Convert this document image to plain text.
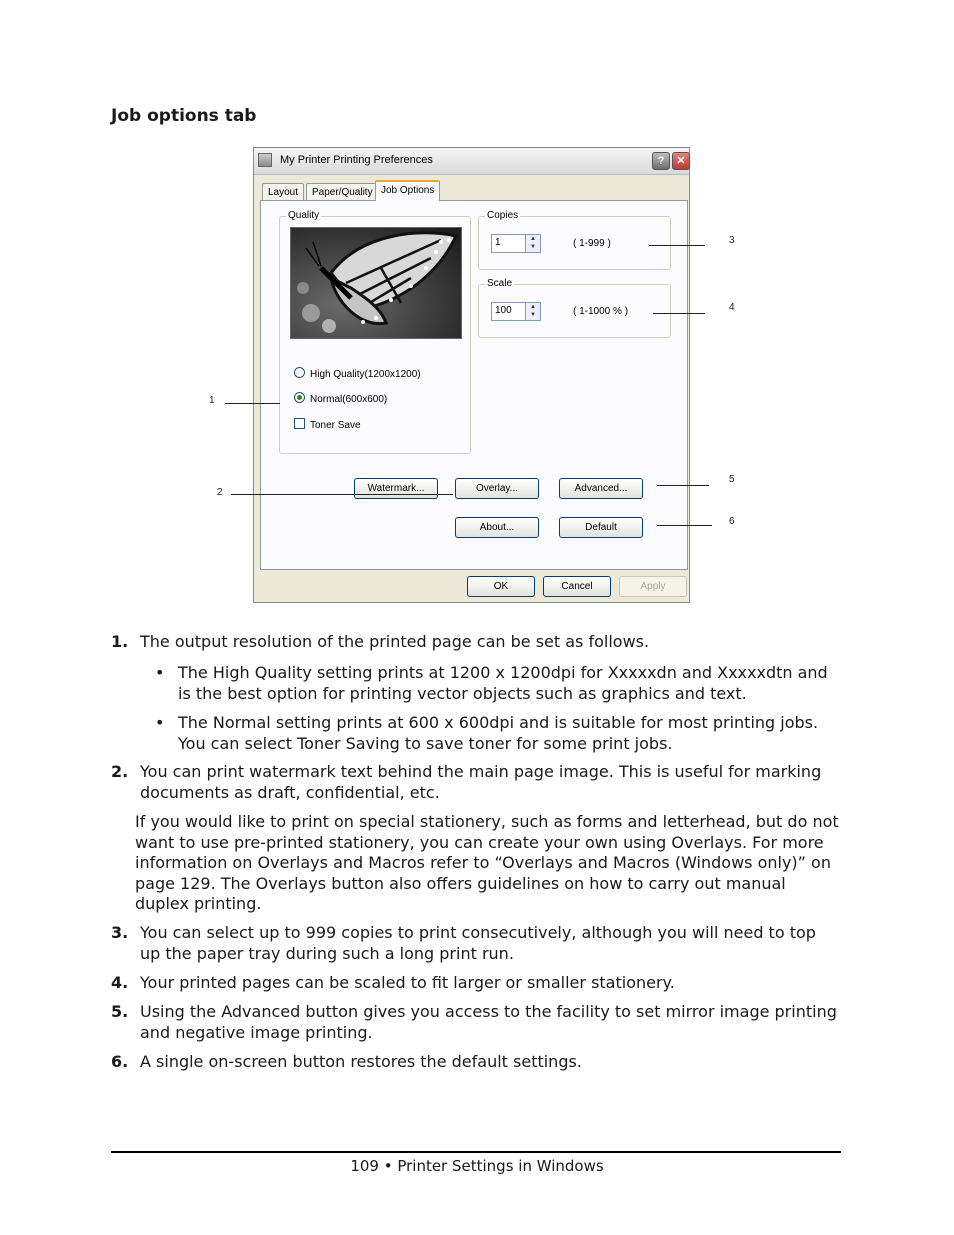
Job options tab
My Printer Printing Preferences	?	✕
Layout	Paper/Quality Job Options
Quality
High Quality(1200x1200)
Normal(600x600)
Toner Save
Copies
1	▲
▼	( 1-999 )
Scale
100	▲
▼	( 1-1000 % )
Watermark...	Overlay...	Advanced...
About...	Default
OK	Cancel	Apply
1
2
3
4
5
6
1. The output resolution of the printed page can be set as follows.
• The High Quality setting prints at 1200 x 1200dpi for Xxxxxdn and Xxxxxdtn and is the best option for printing vector objects such as graphics and text.
• The Normal setting prints at 600 x 600dpi and is suitable for most printing jobs. You can select Toner Saving to save toner for some print jobs.
2. You can print watermark text behind the main page image. This is useful for marking documents as draft, confidential, etc.
If you would like to print on special stationery, such as forms and letterhead, but do not want to use pre-printed stationery, you can create your own using Overlays. For more information on Overlays and Macros refer to “Overlays and Macros (Windows only)” on page 129. The Overlays button also offers guidelines on how to carry out manual duplex printing.
3. You can select up to 999 copies to print consecutively, although you will need to top up the paper tray during such a long print run.
4. Your printed pages can be scaled to fit larger or smaller stationery.
5. Using the Advanced button gives you access to the facility to set mirror image printing and negative image printing.
6. A single on-screen button restores the default settings.
109 • Printer Settings in Windows
